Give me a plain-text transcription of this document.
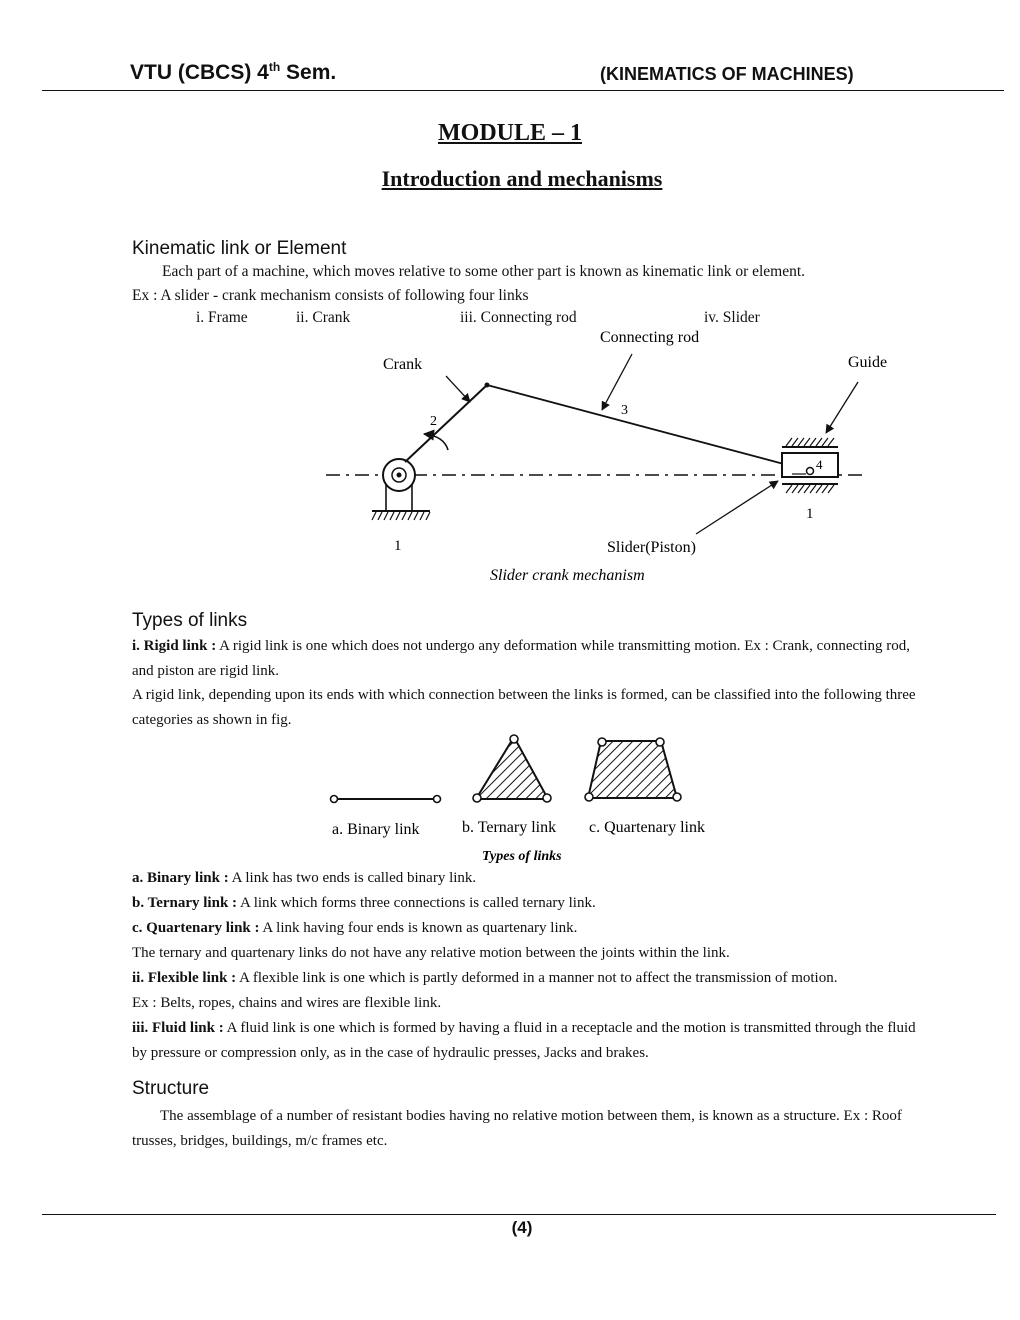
VTU (CBCS) 4th Sem.	(KINEMATICS OF MACHINES)
MODULE – 1
Introduction and mechanisms
Kinematic link or Element
Each part of a machine, which moves relative to some other part is known as kinematic link or element.
Ex : A slider - crank mechanism consists of following four links
i. Frame	ii. Crank	iii. Connecting rod	iv. Slider
Crank
Connecting rod
Guide
Slider(Piston)
2
3
4
1
1
Slider crank mechanism
Types of links
i. Rigid link : A rigid link is one which does not undergo any deformation while transmitting motion. Ex : Crank, connecting rod, and piston are rigid link.
A rigid link, depending upon its ends with which connection between the links is formed, can be classified into the following three categories as shown in fig.
a. Binary link	b. Ternary link c. Quartenary link
Types of links
a. Binary link : A link has two ends is called binary link.
b. Ternary link : A link which forms three connections is called ternary link.
c. Quartenary link : A link having four ends is known as quartenary link.
The ternary and quartenary links do not have any relative motion between the joints within the link.
ii. Flexible link : A flexible link is one which is partly deformed in a manner not to affect the transmission of motion.
Ex : Belts, ropes, chains and wires are flexible link.
iii. Fluid link : A fluid link is one which is formed by having a fluid in a receptacle and the motion is transmitted through the fluid by pressure or compression only, as in the case of hydraulic presses, Jacks and brakes.
Structure
The assemblage of a number of resistant bodies having no relative motion between them, is known as a structure. Ex : Roof trusses, bridges, buildings, m/c frames etc.
(4)
